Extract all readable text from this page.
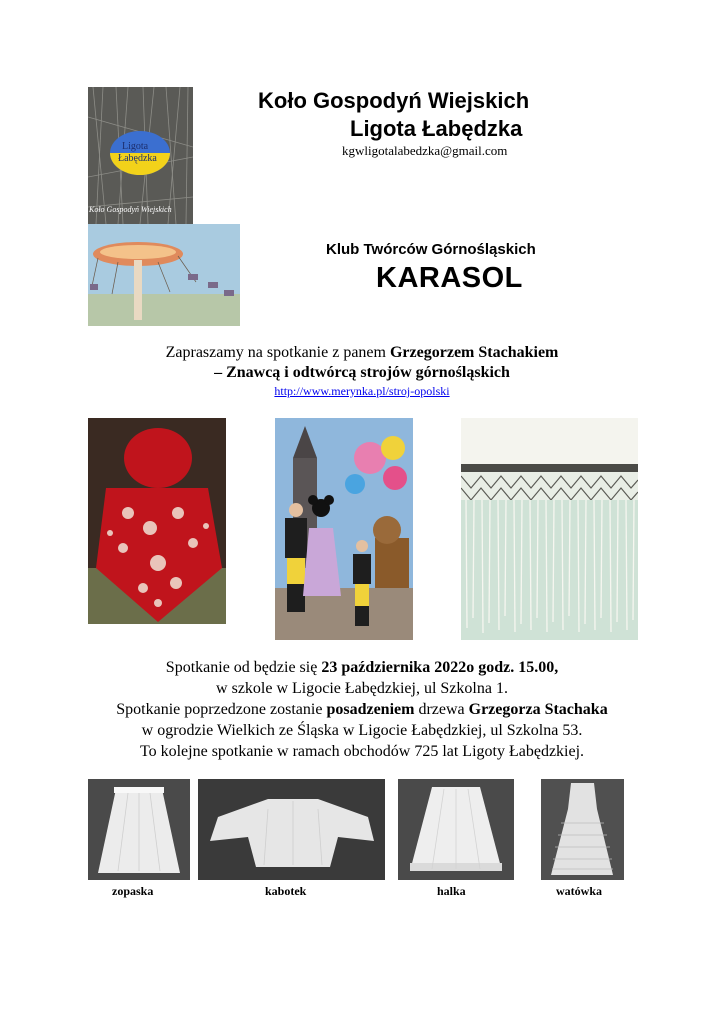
Ligota
Łabędzka
Koło Gospodyń Wiejskich
Koło Gospodyń Wiejskich
Ligota Łabędzka
kgwligotalabedzka@gmail.com
Klub Twórców Górnośląskich
KARASOL
Zapraszamy na spotkanie z panem Grzegorzem Stachakiem
– Znawcą i odtwórcą strojów górnośląskich
http://www.merynka.pl/stroj-opolski
Spotkanie od będzie się 23 października 2022o godz. 15.00,
w szkole w Ligocie Łabędzkiej, ul Szkolna 1.
Spotkanie poprzedzone zostanie posadzeniem drzewa Grzegorza Stachaka
w ogrodzie Wielkich ze Śląska w Ligocie Łabędzkiej, ul Szkolna 53.
To kolejne spotkanie w ramach obchodów 725 lat Ligoty Łabędzkiej.
zopaska	kabotek	halka	watówka
